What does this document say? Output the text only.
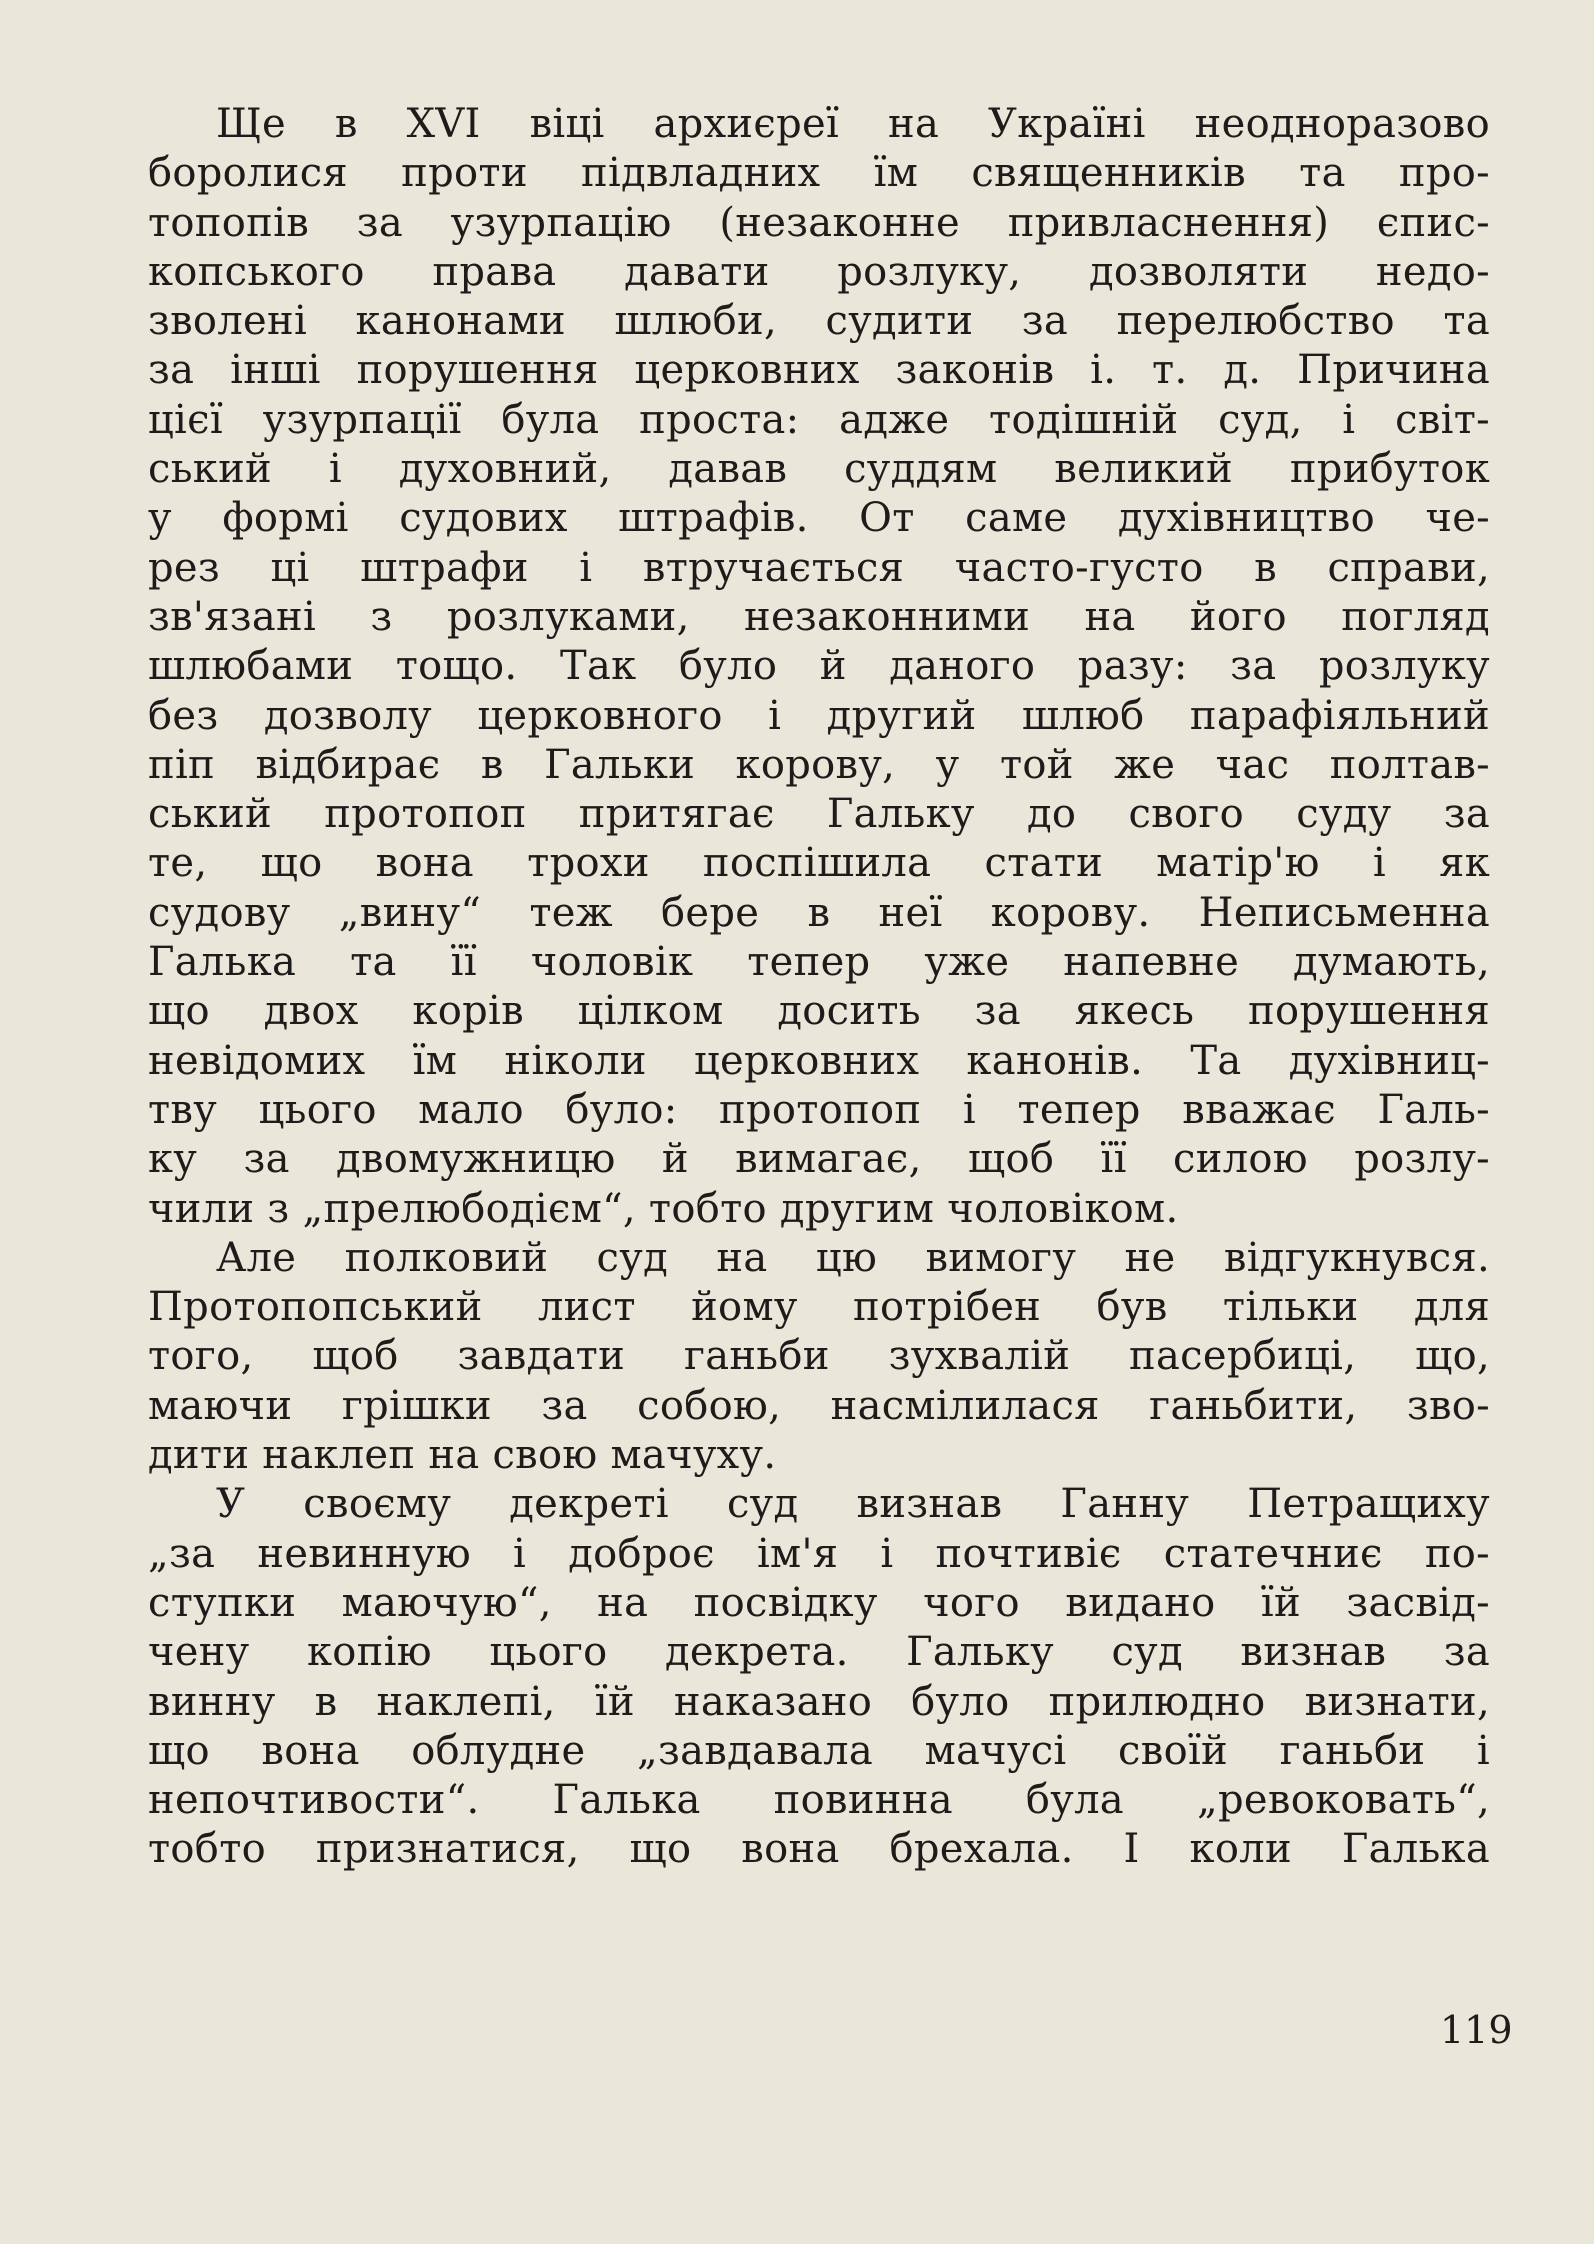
Ще в XVI віці архиєреї на Україні неодноразово
боролися проти підвладних їм священників та про-
топопів за узурпацію (незаконне привласнення) єпис-
копського права давати розлуку, дозволяти недо-
зволені канонами шлюби, судити за перелюбство та
за інші порушення церковних законів і. т. д. Причина
цієї узурпації була проста: адже тодішній суд, і світ-
ський і духовний, давав суддям великий прибуток
у формі судових штрафів. От саме духівництво че-
рез ці штрафи і втручається часто-густо в справи,
зв'язані з розлуками, незаконними на його погляд
шлюбами тощо. Так було й даного разу: за розлуку
без дозволу церковного і другий шлюб парафіяльний
піп відбирає в Гальки корову, у той же час полтав-
ський протопоп притягає Гальку до свого суду за
те, що вона трохи поспішила стати матір'ю і як
судову „вину“ теж бере в неї корову. Неписьменна
Галька та її чоловік тепер уже напевне думають,
що двох корів цілком досить за якесь порушення
невідомих їм ніколи церковних канонів. Та духівниц-
тву цього мало було: протопоп і тепер вважає Галь-
ку за двомужницю й вимагає, щоб її силою розлу-
чили з „прелюбодієм“, тобто другим чоловіком.
Але полковий суд на цю вимогу не відгукнувся.
Протопопський лист йому потрібен був тільки для
того, щоб завдати ганьби зухвалій пасербиці, що,
маючи грішки за собою, насмілилася ганьбити, зво-
дити наклеп на свою мачуху.
У своєму декреті суд визнав Ганну Петращиху
„за невинную і доброє ім'я і почтивіє статечниє по-
ступки маючую“, на посвідку чого видано їй засвід-
чену копію цього декрета. Гальку суд визнав за
винну в наклепі, їй наказано було прилюдно визнати,
що вона облудне „завдавала мачусі своїй ганьби і
непочтивости“. Галька повинна була „ревоковать“,
тобто признатися, що вона брехала. І коли Галька
119
